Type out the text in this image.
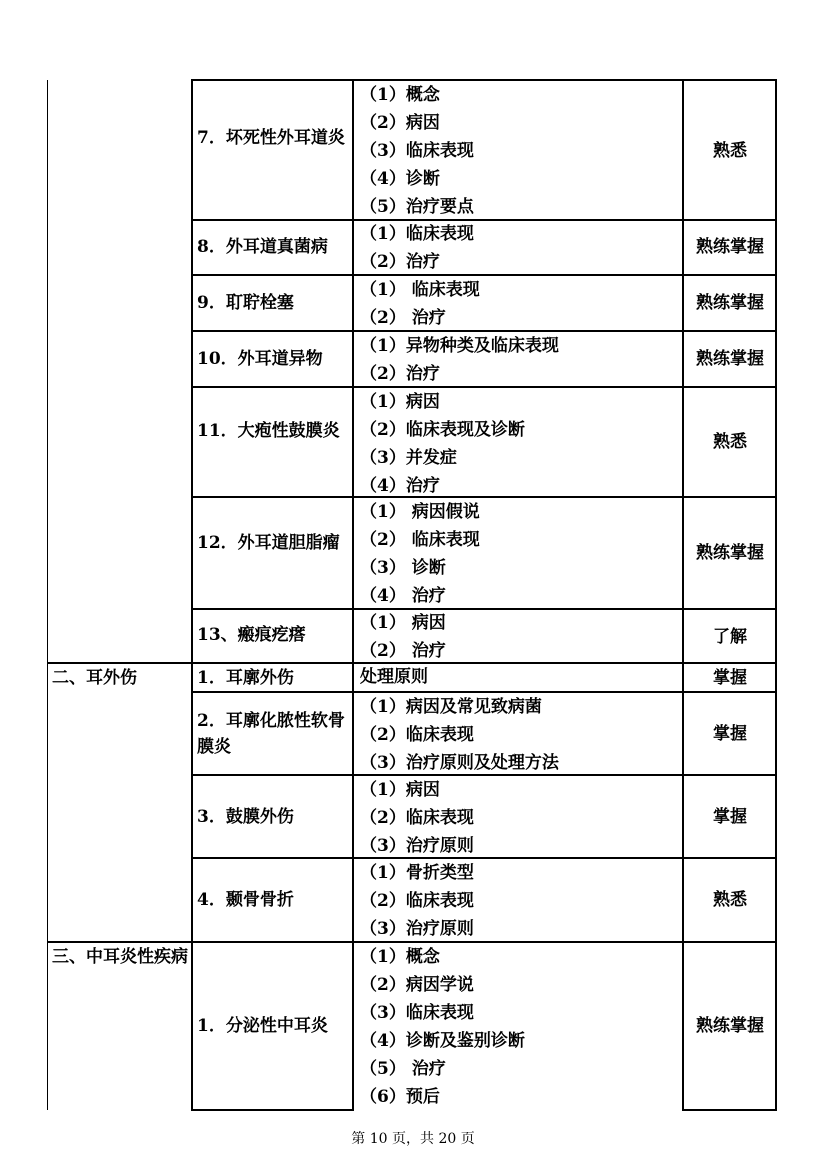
二、耳外伤
三、中耳炎性疾病
7．坏死性外耳道炎
（1）概念
（2）病因
（3）临床表现
（4）诊断
（5）治疗要点
熟悉
8．外耳道真菌病
（1）临床表现
（2）治疗
熟练掌握
9．耵聍栓塞
（1） 临床表现
（2） 治疗
熟练掌握
10．外耳道异物
（1）异物种类及临床表现
（2）治疗
熟练掌握
11．大疱性鼓膜炎
（1）病因
（2）临床表现及诊断
（3）并发症
（4）治疗
熟悉
12．外耳道胆脂瘤
（1） 病因假说
（2） 临床表现
（3） 诊断
（4） 治疗
熟练掌握
13、瘢痕疙瘩
（1） 病因
（2） 治疗
了解
1．耳廓外伤	处理原则	掌握
2．耳廓化脓性软骨膜炎
（1）病因及常见致病菌
（2）临床表现
（3）治疗原则及处理方法
掌握
3．鼓膜外伤
（1）病因
（2）临床表现
（3）治疗原则
掌握
4．颞骨骨折
（1）骨折类型
（2）临床表现
（3）治疗原则
熟悉
1．分泌性中耳炎
（1）概念
（2）病因学说
（3）临床表现
（4）诊断及鉴别诊断
（5） 治疗
（6）预后
熟练掌握
第 10 页，共 20 页
